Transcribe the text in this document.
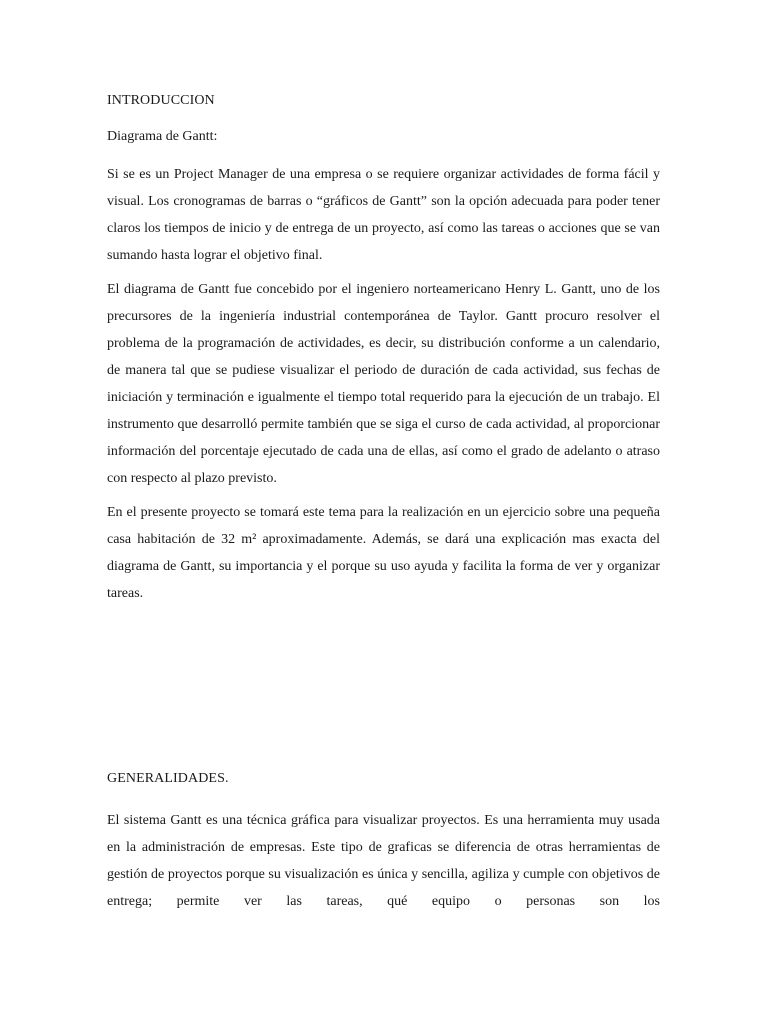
INTRODUCCION

Diagrama de Gantt:

Si se es un Project Manager de una empresa o se requiere organizar actividades de forma fácil y visual. Los cronogramas de barras o “gráficos de Gantt” son la opción adecuada para poder tener claros los tiempos de inicio y de entrega de un proyecto, así como las tareas o acciones que se van sumando hasta lograr el objetivo final.

El diagrama de Gantt fue concebido por el ingeniero norteamericano Henry L. Gantt, uno de los precursores de la ingeniería industrial contemporánea de Taylor. Gantt procuro resolver el problema de la programación de actividades, es decir, su distribución conforme a un calendario, de manera tal que se pudiese visualizar el periodo de duración de cada actividad, sus fechas de iniciación y terminación e igualmente el tiempo total requerido para la ejecución de un trabajo. El instrumento que desarrolló permite también que se siga el curso de cada actividad, al proporcionar información del porcentaje ejecutado de cada una de ellas, así como el grado de adelanto o atraso con respecto al plazo previsto.

En el presente proyecto se tomará este tema para la realización en un ejercicio sobre una pequeña casa habitación de 32 m² aproximadamente. Además, se dará una explicación mas exacta del diagrama de Gantt, su importancia y el porque su uso ayuda y facilita la forma de ver y organizar tareas.

GENERALIDADES.

El sistema Gantt es una técnica gráfica para visualizar proyectos. Es una herramienta muy usada en la administración de empresas. Este tipo de graficas se diferencia de otras herramientas de gestión de proyectos porque su visualización es única y sencilla, agiliza y cumple con objetivos de entrega; permite ver las tareas, qué equipo o personas son los
